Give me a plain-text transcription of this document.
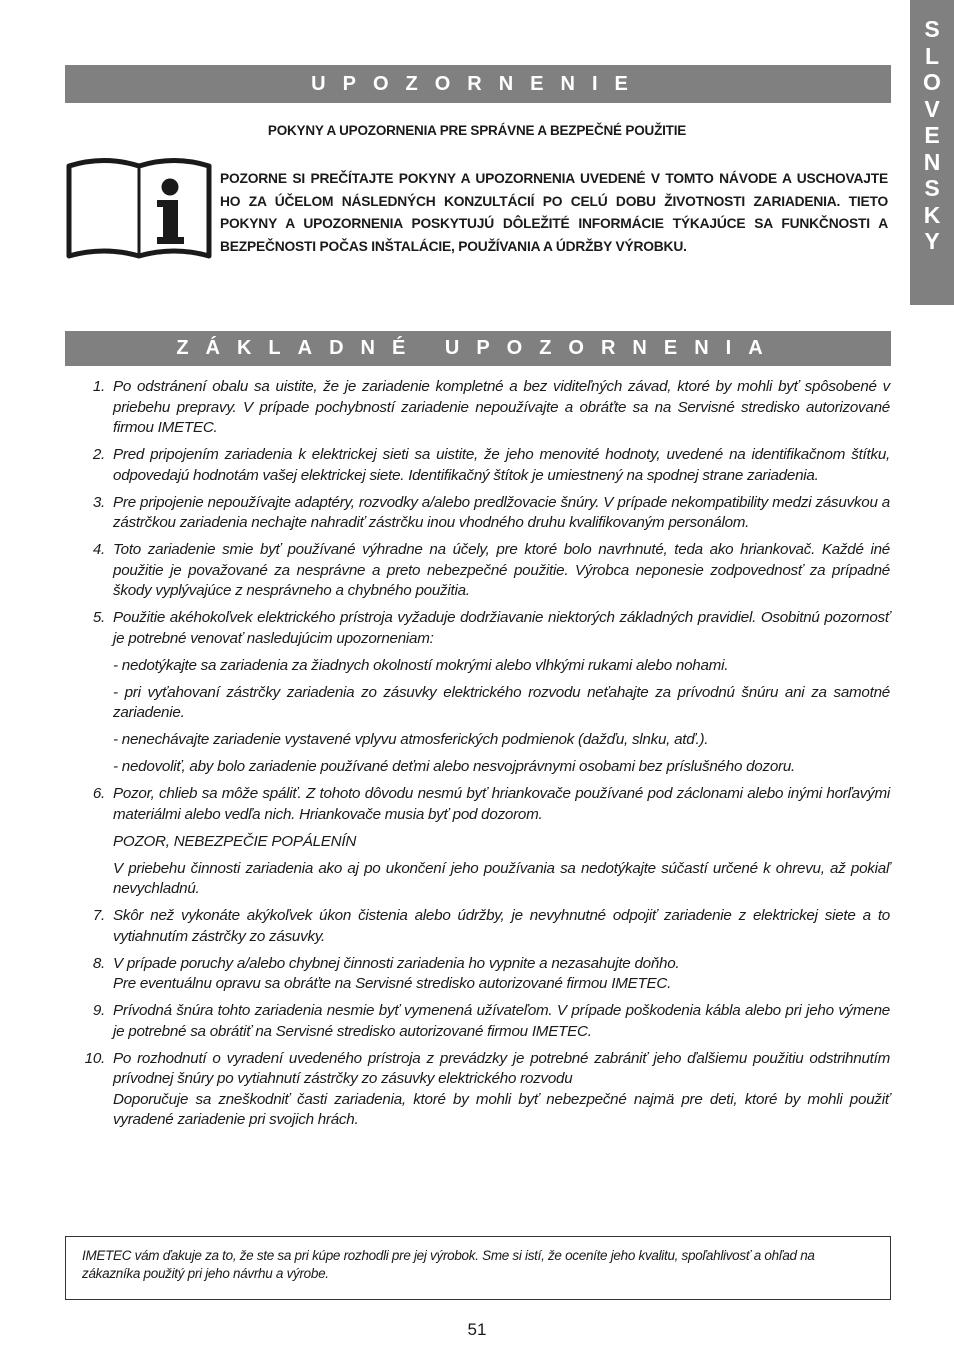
S
L
O
V
E
N
S
K
Y
UPOZORNENIE
POKYNY A UPOZORNENIA PRE SPRÁVNE A BEZPEČNÉ POUŽITIE
POZORNE SI PREČÍTAJTE POKYNY A UPOZORNENIA UVEDENÉ V TOMTO NÁVODE A USCHOVAJTE HO ZA ÚČELOM NÁSLEDNÝCH KONZULTÁCIÍ PO CELÚ DOBU ŽIVOTNOSTI ZARIADENIA. TIETO POKYNY A UPOZORNENIA POSKYTUJÚ DÔLEŽITÉ INFORMÁCIE TÝKAJÚCE SA FUNKČNOSTI A BEZPEČNOSTI POČAS INŠTALÁCIE, POUŽÍVANIA A ÚDRŽBY VÝROBKU.
ZÁKLADNÉ UPOZORNENIA
1. Po odstránení obalu sa uistite, že je zariadenie kompletné a bez viditeľných závad, ktoré by mohli byť spôsobené v priebehu prepravy. V prípade pochybností zariadenie nepoužívajte a obráťte sa na Servisné stredisko autorizované firmou IMETEC.

2. Pred pripojením zariadenia k elektrickej sieti sa uistite, že jeho menovité hodnoty, uvedené na identifikačnom štítku, odpovedajú hodnotám vašej elektrickej siete. Identifikačný štítok je umiestnený na spodnej strane zariadenia.

3. Pre pripojenie nepoužívajte adaptéry, rozvodky a/alebo predlžovacie šnúry. V prípade nekompatibility medzi zásuvkou a zástrčkou zariadenia nechajte nahradiť zástrčku inou vhodného druhu kvalifikovaným personálom.

4. Toto zariadenie smie byť používané výhradne na účely, pre ktoré bolo navrhnuté, teda ako hriankovač. Každé iné použitie je považované za nesprávne a preto nebezpečné použitie. Výrobca neponesie zodpovednosť za prípadné škody vyplývajúce z nesprávneho a chybného použitia.

5. Použitie akéhokoľvek elektrického prístroja vyžaduje dodržiavanie niektorých základných pravidiel. Osobitnú pozornosť je potrebné venovať nasledujúcim upozorneniam:

- nedotýkajte sa zariadenia za žiadnych okolností mokrými alebo vlhkými rukami alebo nohami.

- pri vyťahovaní zástrčky zariadenia zo zásuvky elektrického rozvodu neťahajte za prívodnú šnúru ani za samotné zariadenie.

- nenechávajte zariadenie vystavené vplyvu atmosferických podmienok (dažďu, slnku, atď.).

- nedovoliť, aby bolo zariadenie používané deťmi alebo nesvojprávnymi osobami bez príslušného dozoru.

6. Pozor, chlieb sa môže spáliť. Z tohoto dôvodu nesmú byť hriankovače používané pod záclonami alebo inými horľavými materiálmi alebo vedľa nich. Hriankovače musia byť pod dozorom.

POZOR, NEBEZPEČIE POPÁLENÍN

V priebehu činnosti zariadenia ako aj po ukončení jeho používania sa nedotýkajte súčastí určené k ohrevu, až pokiaľ nevychladnú.

7. Skôr než vykonáte akýkoľvek úkon čistenia alebo údržby, je nevyhnutné odpojiť zariadenie z elektrickej siete a to vytiahnutím zástrčky zo zásuvky.

8. V prípade poruchy a/alebo chybnej činnosti zariadenia ho vypnite a nezasahujte doňho.
Pre eventuálnu opravu sa obráťte na Servisné stredisko autorizované firmou IMETEC.

9. Prívodná šnúra tohto zariadenia nesmie byť vymenená užívateľom. V prípade poškodenia kábla alebo pri jeho výmene je potrebné sa obrátiť na Servisné stredisko autorizované firmou IMETEC.

10. Po rozhodnutí o vyradení uvedeného prístroja z prevádzky je potrebné zabrániť jeho ďalšiemu použitiu odstrihnutím prívodnej šnúry po vytiahnutí zástrčky zo zásuvky elektrického rozvodu
Doporučuje sa zneškodniť časti zariadenia, ktoré by mohli byť nebezpečné najmä pre deti, ktoré by mohli použiť vyradené zariadenie pri svojich hrách.

IMETEC vám ďakuje za to, že ste sa pri kúpe rozhodli pre jej výrobok. Sme si istí, že oceníte jeho kvalitu, spoľahlivosť a ohľad na zákazníka použitý pri jeho návrhu a výrobe.
51
